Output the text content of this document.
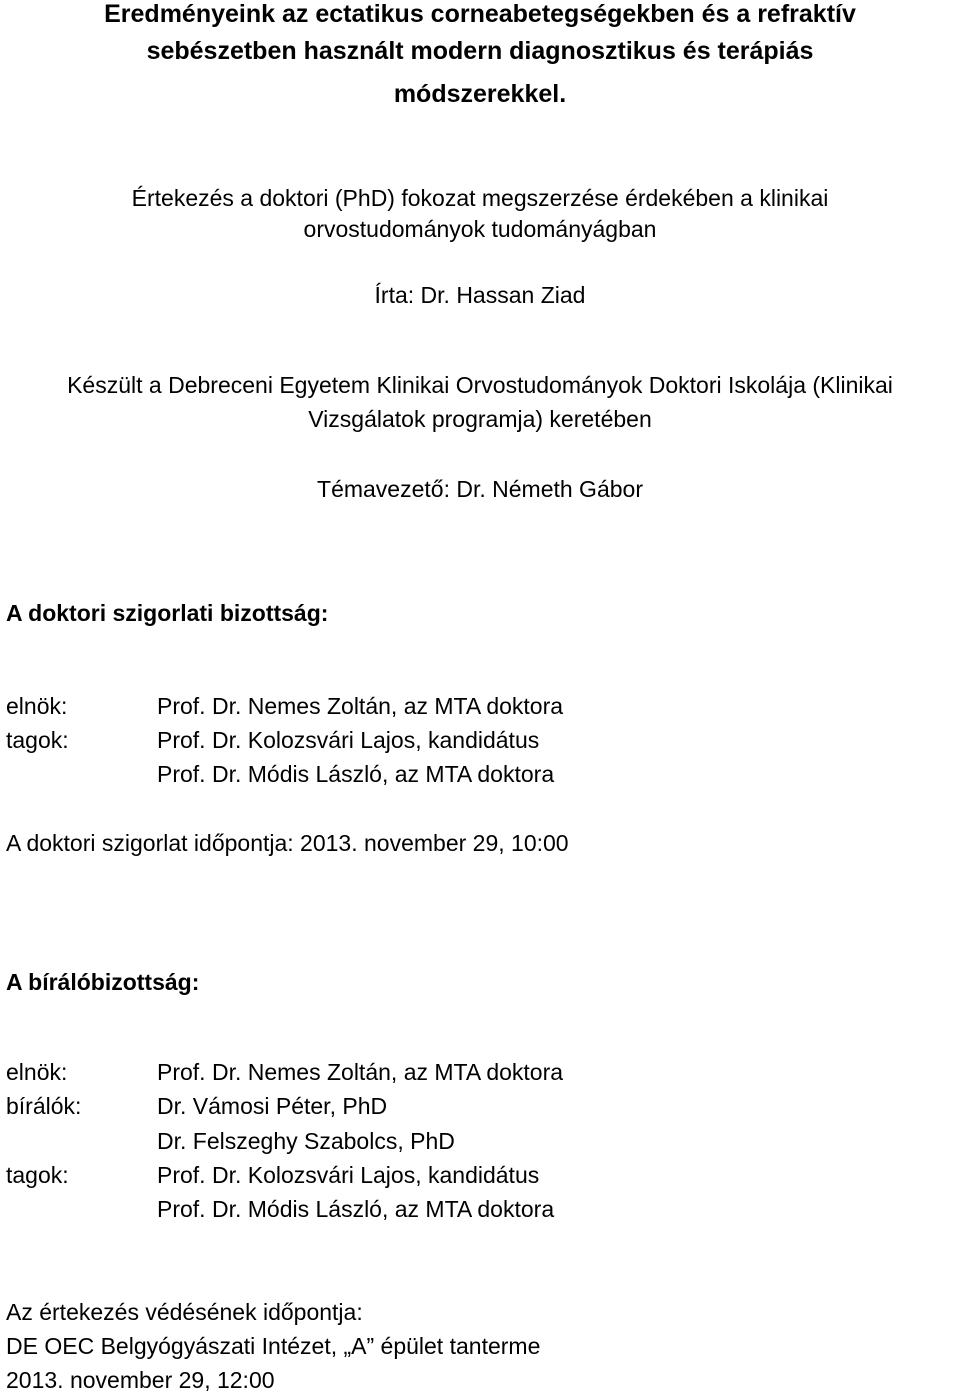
Eredményeink az ectatikus corneabetegségekben és a refraktív
sebészetben használt modern diagnosztikus és terápiás
módszerekkel.
Értekezés a doktori (PhD) fokozat megszerzése érdekében a klinikai
orvostudományok tudományágban
Írta: Dr. Hassan Ziad
Készült a Debreceni Egyetem Klinikai Orvostudományok Doktori Iskolája (Klinikai
Vizsgálatok programja) keretében
Témavezető: Dr. Németh Gábor
A doktori szigorlati bizottság:
elnök:	Prof. Dr. Nemes Zoltán, az MTA doktora
tagok:	Prof. Dr. Kolozsvári Lajos, kandidátus
Prof. Dr. Módis László, az MTA doktora
A doktori szigorlat időpontja: 2013. november 29, 10:00
A bírálóbizottság:
elnök:	Prof. Dr. Nemes Zoltán, az MTA doktora
bírálók:	Dr. Vámosi Péter, PhD
Dr. Felszeghy Szabolcs, PhD
tagok:	Prof. Dr. Kolozsvári Lajos, kandidátus
Prof. Dr. Módis László, az MTA doktora
Az értekezés védésének időpontja:
DE OEC Belgyógyászati Intézet, „A” épület tanterme
2013. november 29, 12:00
